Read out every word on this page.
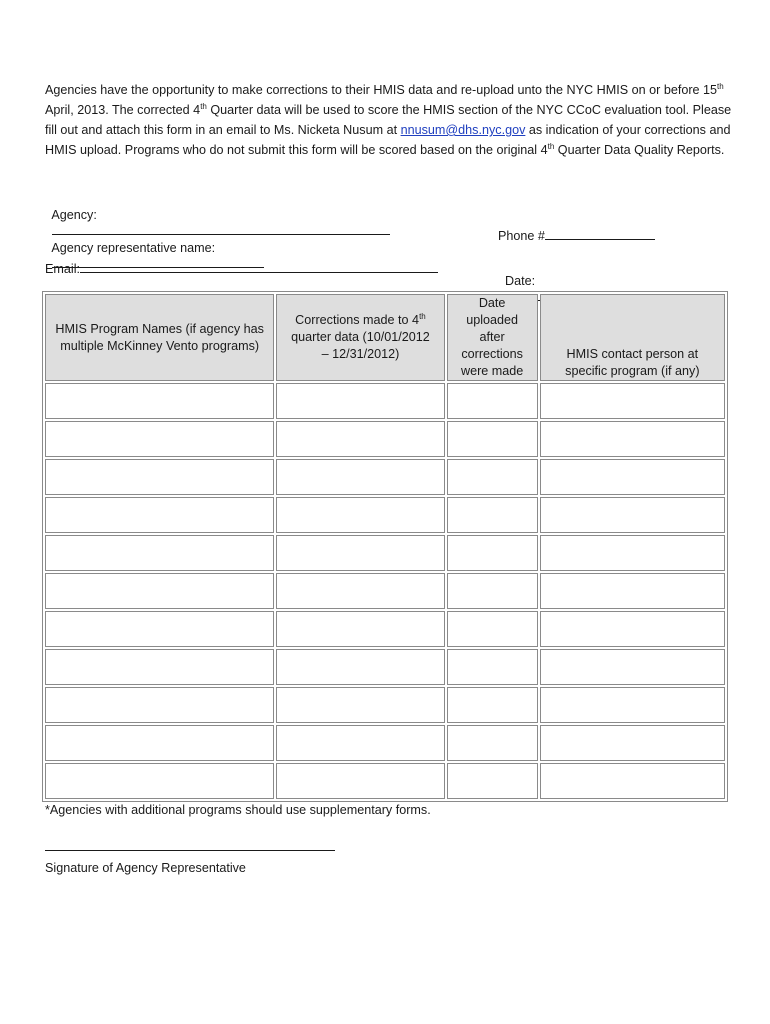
Agencies have the opportunity to make corrections to their HMIS data and re-upload unto the NYC HMIS on or before 15th April, 2013. The corrected 4th Quarter data will be used to score the HMIS section of the NYC CCoC evaluation tool. Please fill out and attach this form in an email to Ms. Nicketa Nusum at nnusum@dhs.nyc.gov as indication of your corrections and HMIS upload. Programs who do not submit this form will be scored based on the original 4th Quarter Data Quality Reports.

Agency:

Agency representative name:

Phone #
Email:

Date:

HMIS Program Names (if agency has multiple McKinney Vento programs)	Corrections made to 4th quarter data (10/01/2012 – 12/31/2012)	Date uploaded after corrections were made	HMIS contact person at specific program (if any)

*Agencies with additional programs should use supplementary forms.
Signature of Agency Representative
